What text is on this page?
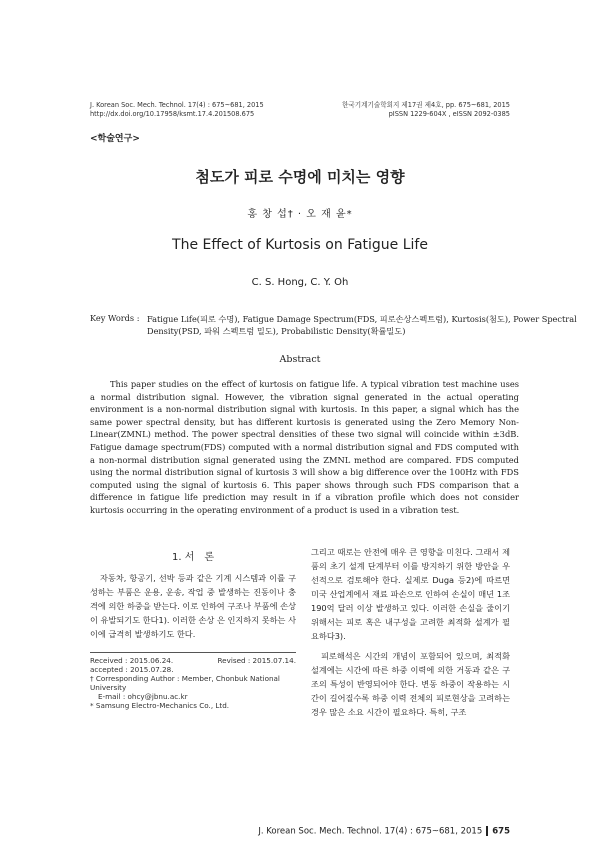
J. Korean Soc. Mech. Technol. 17(4) : 675~681, 2015
http://dx.doi.org/10.17958/ksmt.17.4.201508.675
한국기계기술학회지 제17권 제4호, pp. 675~681, 2015
pISSN 1229-604X , eISSN 2092-0385
<학술연구>
첨도가 피로 수명에 미치는 영향
홍 창 섭† · 오 재 윤*
The Effect of Kurtosis on Fatigue Life
C. S. Hong, C. Y. Oh
Key Words : Fatigue Life(피로 수명), Fatigue Damage Spectrum(FDS, 피로손상스펙트럼), Kurtosis(첨도), Power Spectral Density(PSD, 파워 스펙트럼 밀도), Probabilistic Density(확률밀도)
Abstract

This paper studies on the effect of kurtosis on fatigue life. A typical vibration test machine uses a normal distribution signal. However, the vibration signal generated in the actual operating environment is a non-normal distribution signal with kurtosis. In this paper, a signal which has the same power spectral density, but has different kurtosis is generated using the Zero Memory Non-Linear(ZMNL) method. The power spectral densities of these two signal will coincide within ±3dB. Fatigue damage spectrum(FDS) computed with a normal distribution signal and FDS computed with a non-normal distribution signal generated using the ZMNL method are compared. FDS computed using the normal distribution signal of kurtosis 3 will show a big difference over the 100Hz with FDS computed using the signal of kurtosis 6. This paper shows through such FDS comparison that a difference in fatigue life prediction may result in if a vibration profile which does not consider kurtosis occurring in the operating environment of a product is used in a vibration test.

1. 서　론

자동차, 항공기, 선박 등과 같은 기계 시스템과 이를 구성하는 부품은 운용, 운송, 작업 중 발생하는 진동이나 충격에 의한 하중을 받는다. 이로 인하여 구조나 부품에 손상이 유발되기도 한다1). 이러한 손상 은 인지하지 못하는 사이에 급격히 발생하기도 한다.

Received : 2015.06.24.	Revised : 2015.07.14.
accepted : 2015.07.28.
† Corresponding Author : Member, Chonbuk National University
E-mail : ohcy@jbnu.ac.kr
* Samsung Electro-Mechanics Co., Ltd.

그리고 때로는 안전에 매우 큰 영향을 미친다. 그래서 제품의 초기 설계 단계부터 이를 방지하기 위한 방안을 우선적으로 검토해야 한다. 실제로 Duga 등2)에 따르면 미국 산업계에서 재료 파손으로 인하여 손실이 매년 1조 190억 달러 이상 발생하고 있다. 이러한 손실을 줄이기 위해서는 피로 혹은 내구성을 고려한 최적화 설계가 필요하다3).

피로해석은 시간의 개념이 포함되어 있으며, 최적화 설계에는 시간에 따른 하중 이력에 의한 거동과 같은 구조의 특성이 반영되어야 한다. 변동 하중이 작용하는 시간이 길어질수록 하중 이력 전체의 피로현상을 고려하는 경우 많은 소요 시간이 필요하다. 특히, 구조

J. Korean Soc. Mech. Technol. 17(4) : 675~681, 2015 675
